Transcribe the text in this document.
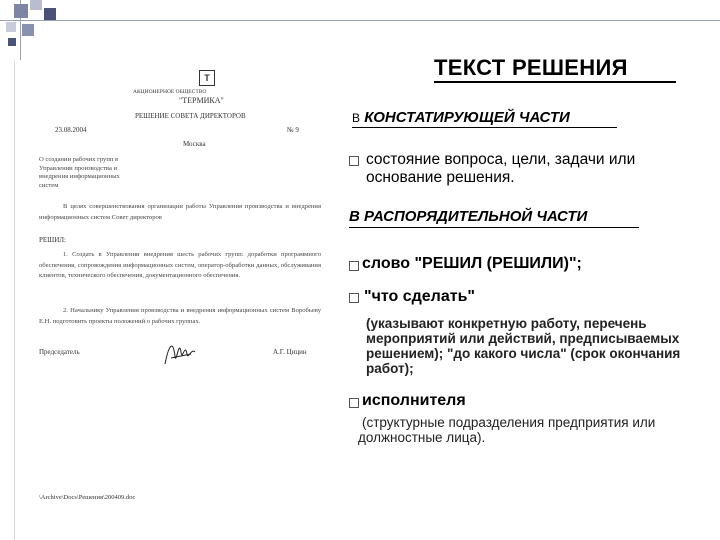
Т
АКЦИОНЕРНОЕ ОБЩЕСТВО
"ТЕРМИКА"
РЕШЕНИЕ СОВЕТА ДИРЕКТОРОВ
23.08.2004	№ 9
Москва
О создании рабочих групп в Управлении производства и внедрения информационных систем
В целях совершенствования организации работы Управления производства и внедрения информационных систем Совет директоров
РЕШИЛ:
1. Создать в Управлении внедрения шесть рабочих групп: доработки программного обеспечения, сопровождения информационных систем, оператор-обработки данных, обслуживания клиентов, технического обеспечения, документационного обеспечения.
2. Начальнику Управления производства и внедрения информационных систем Воробьеву Е.Н. подготовить проекты положений о рабочих группах.
Председатель	А.Г. Цицин
\Archive\Docs\Решения\200409.doc
ТЕКСТ РЕШЕНИЯ
В КОНСТАТИРУЮЩЕЙ ЧАСТИ
состояние вопроса, цели, задачи или основание решения.
В РАСПОРЯДИТЕЛЬНОЙ ЧАСТИ
слово "РЕШИЛ (РЕШИЛИ)";
"что сделать"
(указывают конкретную работу, перечень мероприятий или действий, предписываемых решением); "до какого числа" (срок окончания работ);
исполнителя
(структурные подразделения предприятия или должностные лица).
